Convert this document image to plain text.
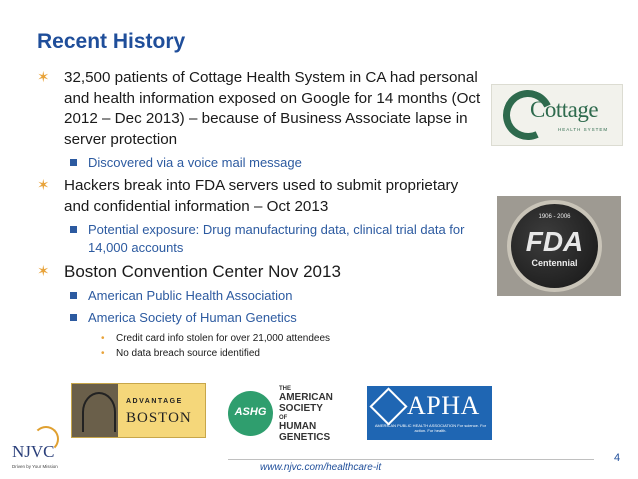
Recent History
✶ 32,500 patients of Cottage Health System in CA had personal and health information exposed on Google for 14 months (Oct 2012 – Dec 2013) – because of Business Associate lapse in server protection
Discovered via a voice mail message
✶ Hackers break into FDA servers used to submit proprietary and confidential information – Oct 2013
Potential exposure: Drug manufacturing data, clinical trial data for 14,000 accounts
✶ Boston Convention Center Nov 2013
American Public Health Association
America Society of Human Genetics
• Credit card info stolen for over 21,000 attendees
• No data breach source identified
Cottage
HEALTH SYSTEM
1906 - 2006
FDA
Centennial
ADVANTAGE
BOSTON	ASHG
THE
AMERICAN
SOCIETY
OF
HUMAN
GENETICS
APHA
AMERICAN PUBLIC HEALTH ASSOCIATION For science. For action. For health.
NJVC
Driven by Your Mission	www.njvc.com/healthcare-it
4
